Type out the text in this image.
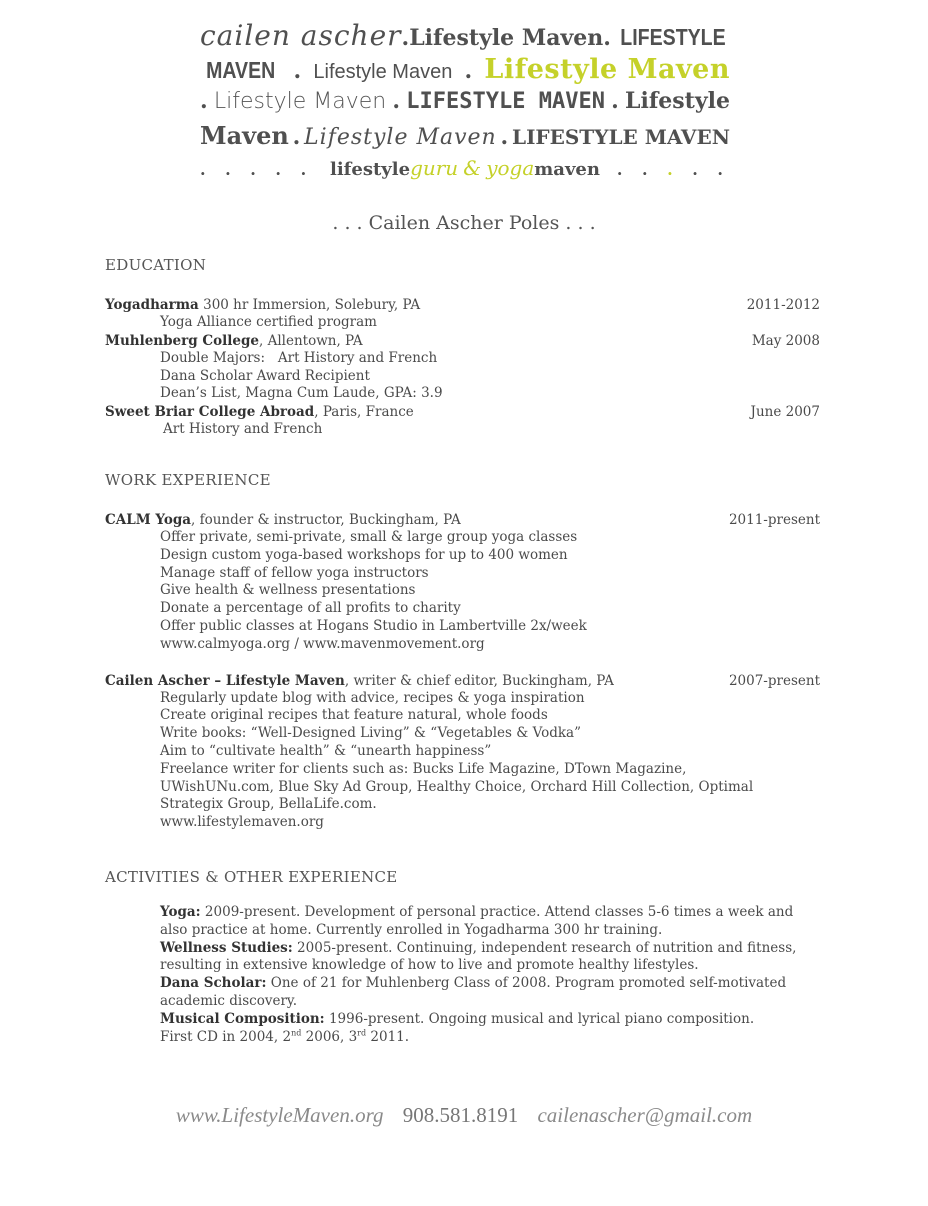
cailen ascher . Lifestyle Maven . LIFESTYLE
MAVEN . Lifestyle Maven . Lifestyle Maven
. Lifestyle Maven . LIFESTYLE MAVEN . Lifestyle
Maven . Lifestyle Maven . LIFESTYLE MAVEN
. . . . . lifestyleguru & yogamaven . . . . .
. . . Cailen Ascher Poles . . .
EDUCATION
Yogadharma 300 hr Immersion, Solebury, PA	2011-2012
Yoga Alliance certified program
Muhlenberg College, Allentown, PA	May 2008
Double Majors:   Art History and French
Dana Scholar Award Recipient
Dean’s List, Magna Cum Laude, GPA: 3.9
Sweet Briar College Abroad, Paris, France	June 2007
Art History and French
WORK EXPERIENCE
CALM Yoga, founder & instructor, Buckingham, PA	2011-present
Offer private, semi-private, small & large group yoga classes
Design custom yoga-based workshops for up to 400 women
Manage staff of fellow yoga instructors
Give health & wellness presentations
Donate a percentage of all profits to charity
Offer public classes at Hogans Studio in Lambertville 2x/week
www.calmyoga.org / www.mavenmovement.org
Cailen Ascher – Lifestyle Maven, writer & chief editor, Buckingham, PA	2007-present
Regularly update blog with advice, recipes & yoga inspiration
Create original recipes that feature natural, whole foods
Write books: “Well-Designed Living” & “Vegetables & Vodka”
Aim to “cultivate health” & “unearth happiness”
Freelance writer for clients such as: Bucks Life Magazine, DTown Magazine,
UWishUNu.com, Blue Sky Ad Group, Healthy Choice, Orchard Hill Collection, Optimal
Strategix Group, BellaLife.com.
www.lifestylemaven.org
ACTIVITIES & OTHER EXPERIENCE
Yoga: 2009-present. Development of personal practice. Attend classes 5-6 times a week and also practice at home. Currently enrolled in Yogadharma 300 hr training.
Wellness Studies: 2005-present. Continuing, independent research of nutrition and fitness, resulting in extensive knowledge of how to live and promote healthy lifestyles.
Dana Scholar: One of 21 for Muhlenberg Class of 2008. Program promoted self-motivated academic discovery.
Musical Composition: 1996-present. Ongoing musical and lyrical piano composition.
First CD in 2004, 2nd 2006, 3rd 2011.
www.LifestyleMaven.org 908.581.8191 cailenascher@gmail.com
